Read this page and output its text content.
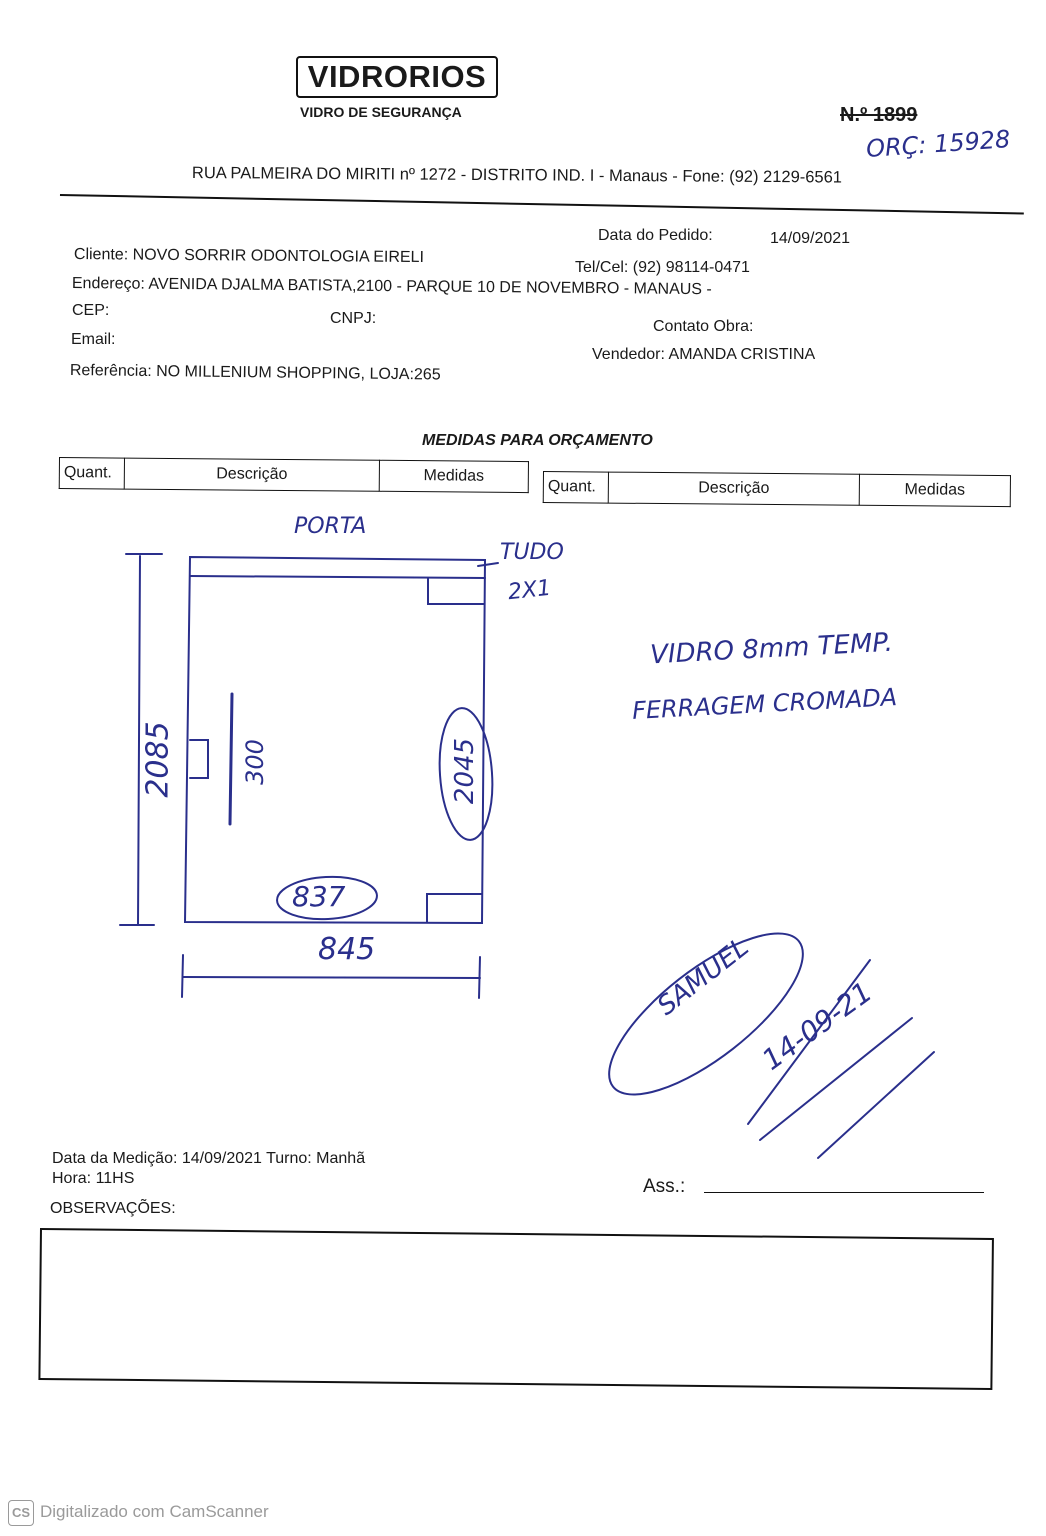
VIDRORIOS
VIDRO DE SEGURANÇA	N.º 1899
ORÇ: 15928
RUA PALMEIRA DO MIRITI nº 1272 - DISTRITO IND. I - Manaus - Fone: (92) 2129-6561
Data do Pedido:	14/09/2021
Cliente: NOVO SORRIR ODONTOLOGIA EIRELI
Tel/Cel: (92) 98114-0471
Endereço: AVENIDA DJALMA BATISTA,2100 - PARQUE 10 DE NOVEMBRO - MANAUS -
CEP:	CNPJ:	Contato Obra:
Email:
Vendedor: AMANDA CRISTINA
Referência: NO MILLENIUM SHOPPING, LOJA:265
MEDIDAS PARA ORÇAMENTO
Quant.	Descrição	Medidas
Quant.	Descrição	Medidas
PORTA
TUDO
2X1
2085	300	2045
837
845
VIDRO 8mm TEMP.
FERRAGEM CROMADA
SAMUEL 14-09-21
Data da Medição: 14/09/2021 Turno: Manhã
Hora: 11HS	Ass.:
OBSERVAÇÕES:
CS Digitalizado com CamScanner
